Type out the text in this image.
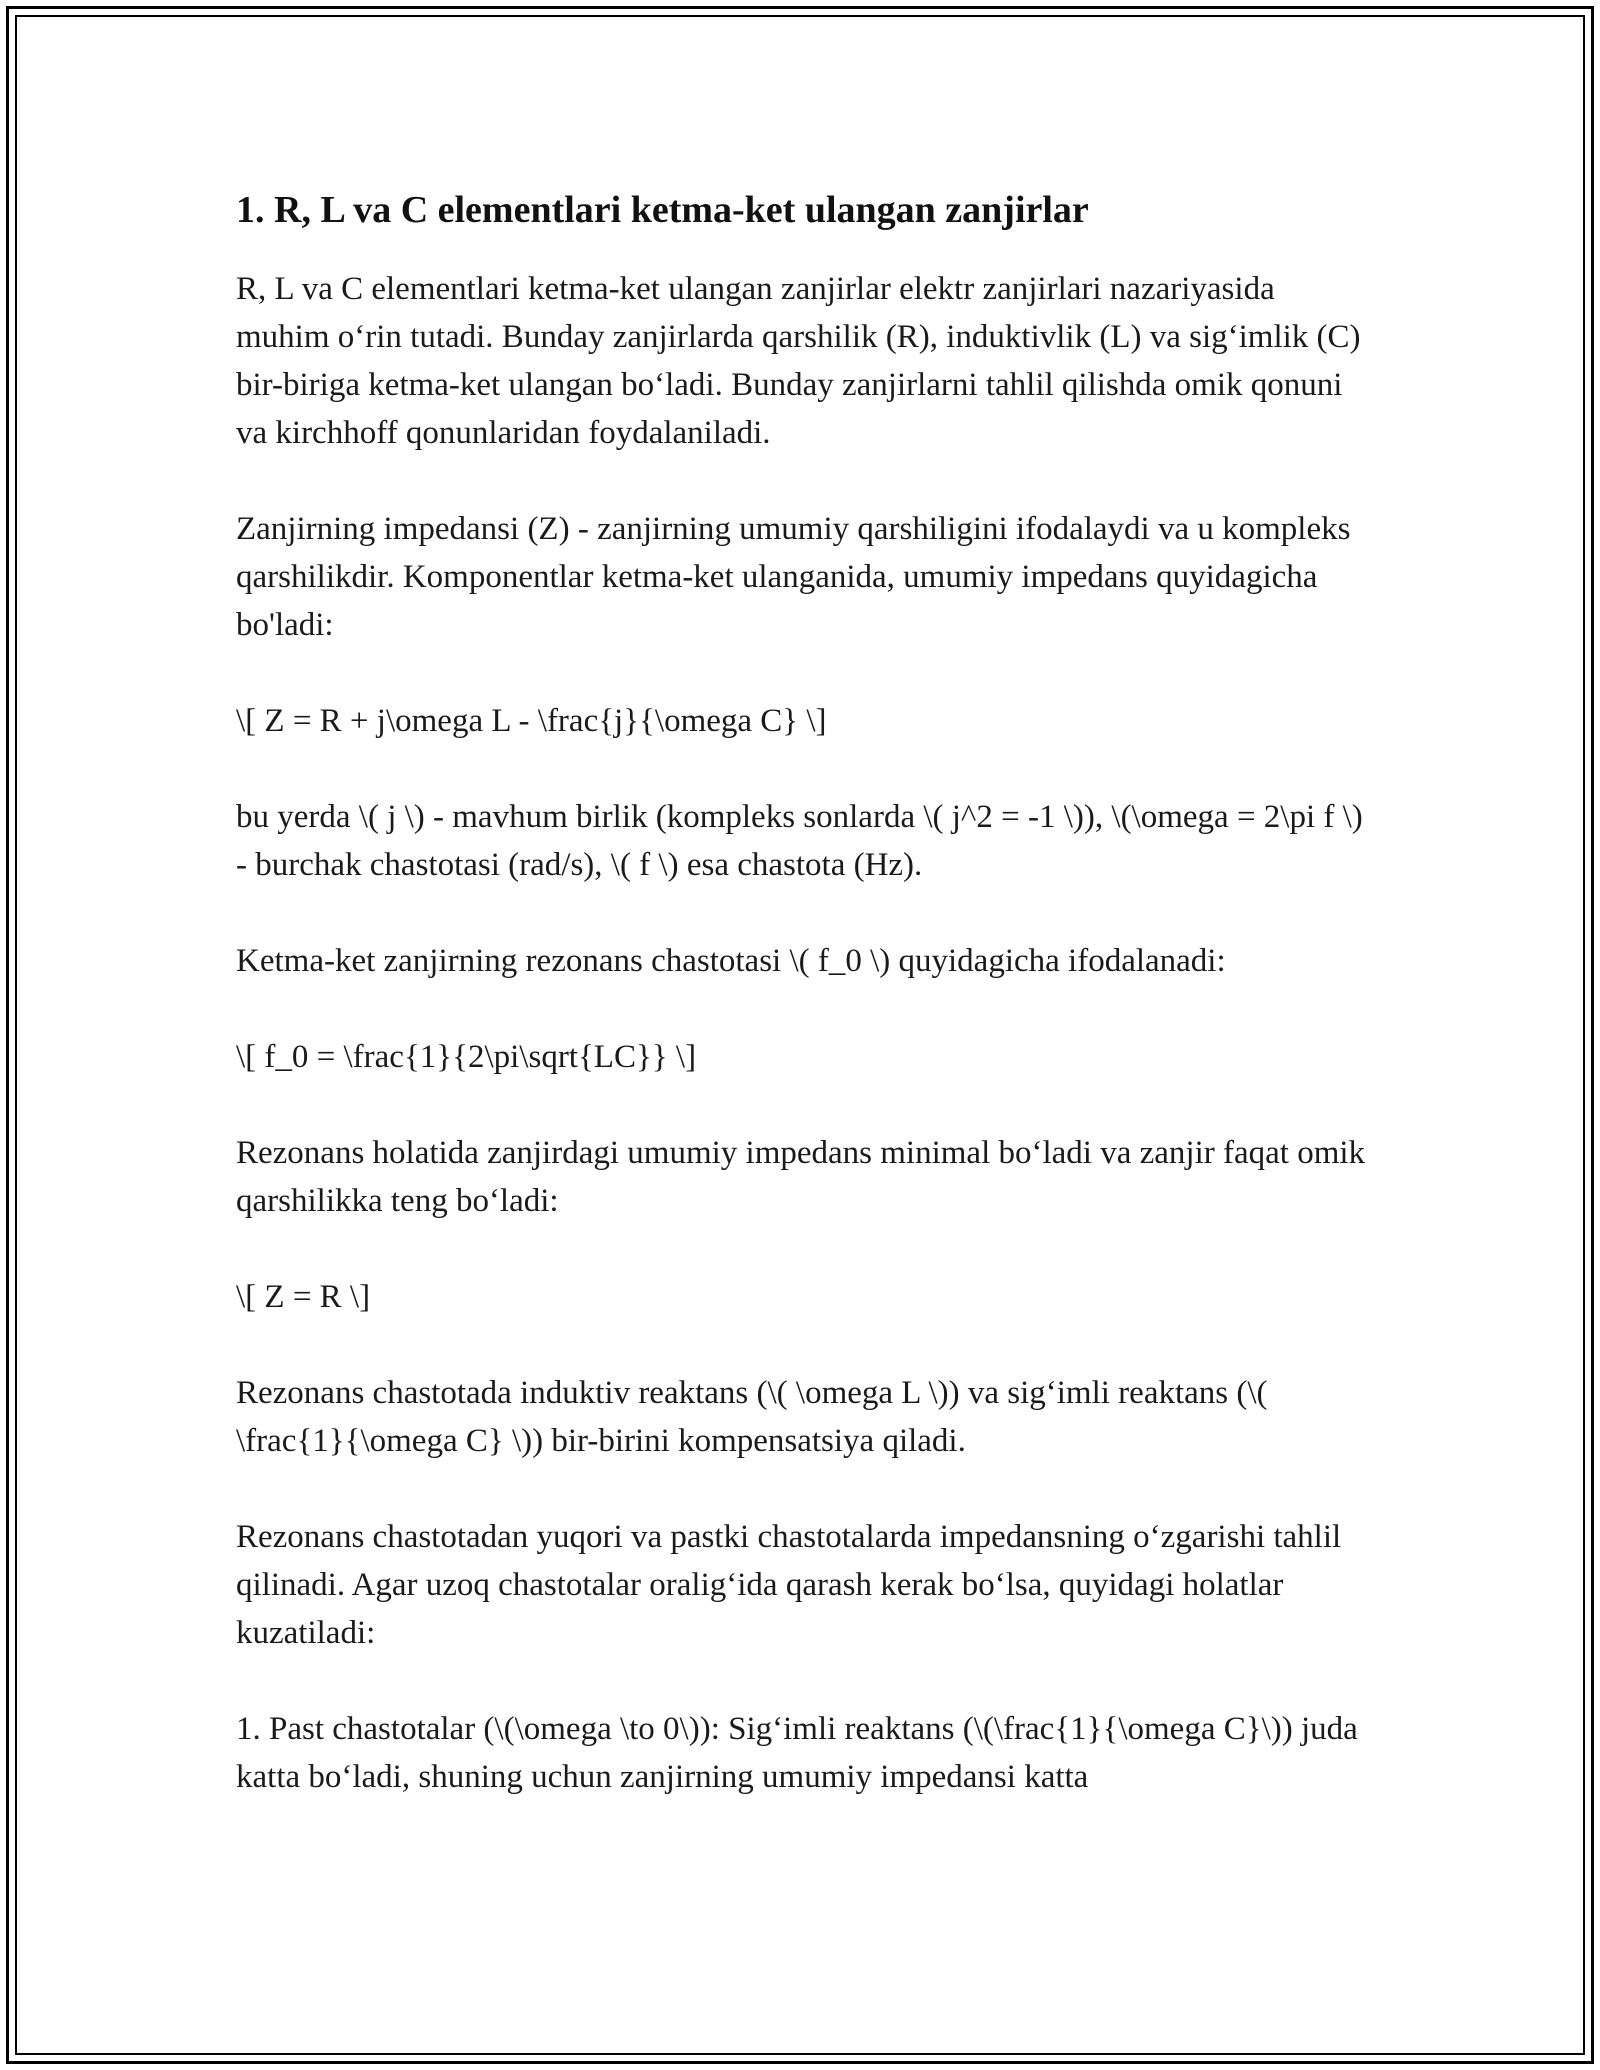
1. R, L va C elementlari ketma-ket ulangan zanjirlar

R, L va C elementlari ketma-ket ulangan zanjirlar elektr zanjirlari nazariyasida muhim o‘rin tutadi. Bunday zanjirlarda qarshilik (R), induktivlik (L) va sig‘imlik (C) bir-biriga ketma-ket ulangan bo‘ladi. Bunday zanjirlarni tahlil qilishda omik qonuni va kirchhoff qonunlaridan foydalaniladi.

Zanjirning impedansi (Z) - zanjirning umumiy qarshiligini ifodalaydi va u kompleks qarshilikdir. Komponentlar ketma-ket ulanganida, umumiy impedans quyidagicha bo'ladi:

\[ Z = R + j\omega L - \frac{j}{\omega C} \]

bu yerda \( j \) - mavhum birlik (kompleks sonlarda \( j^2 = -1 \)), \(\omega = 2\pi f \) - burchak chastotasi (rad/s), \( f \) esa chastota (Hz).

Ketma-ket zanjirning rezonans chastotasi \( f_0 \) quyidagicha ifodalanadi:

\[ f_0 = \frac{1}{2\pi\sqrt{LC}} \]

Rezonans holatida zanjirdagi umumiy impedans minimal bo‘ladi va zanjir faqat omik qarshilikka teng bo‘ladi:

\[ Z = R \]

Rezonans chastotada induktiv reaktans (\( \omega L \)) va sig‘imli reaktans (\( \frac{1}{\omega C} \)) bir-birini kompensatsiya qiladi.

Rezonans chastotadan yuqori va pastki chastotalarda impedansning o‘zgarishi tahlil qilinadi. Agar uzoq chastotalar oralig‘ida qarash kerak bo‘lsa, quyidagi holatlar kuzatiladi:

1. Past chastotalar (\(\omega \to 0\)): Sig‘imli reaktans (\(\frac{1}{\omega C}\)) juda katta bo‘ladi, shuning uchun zanjirning umumiy impedansi katta
